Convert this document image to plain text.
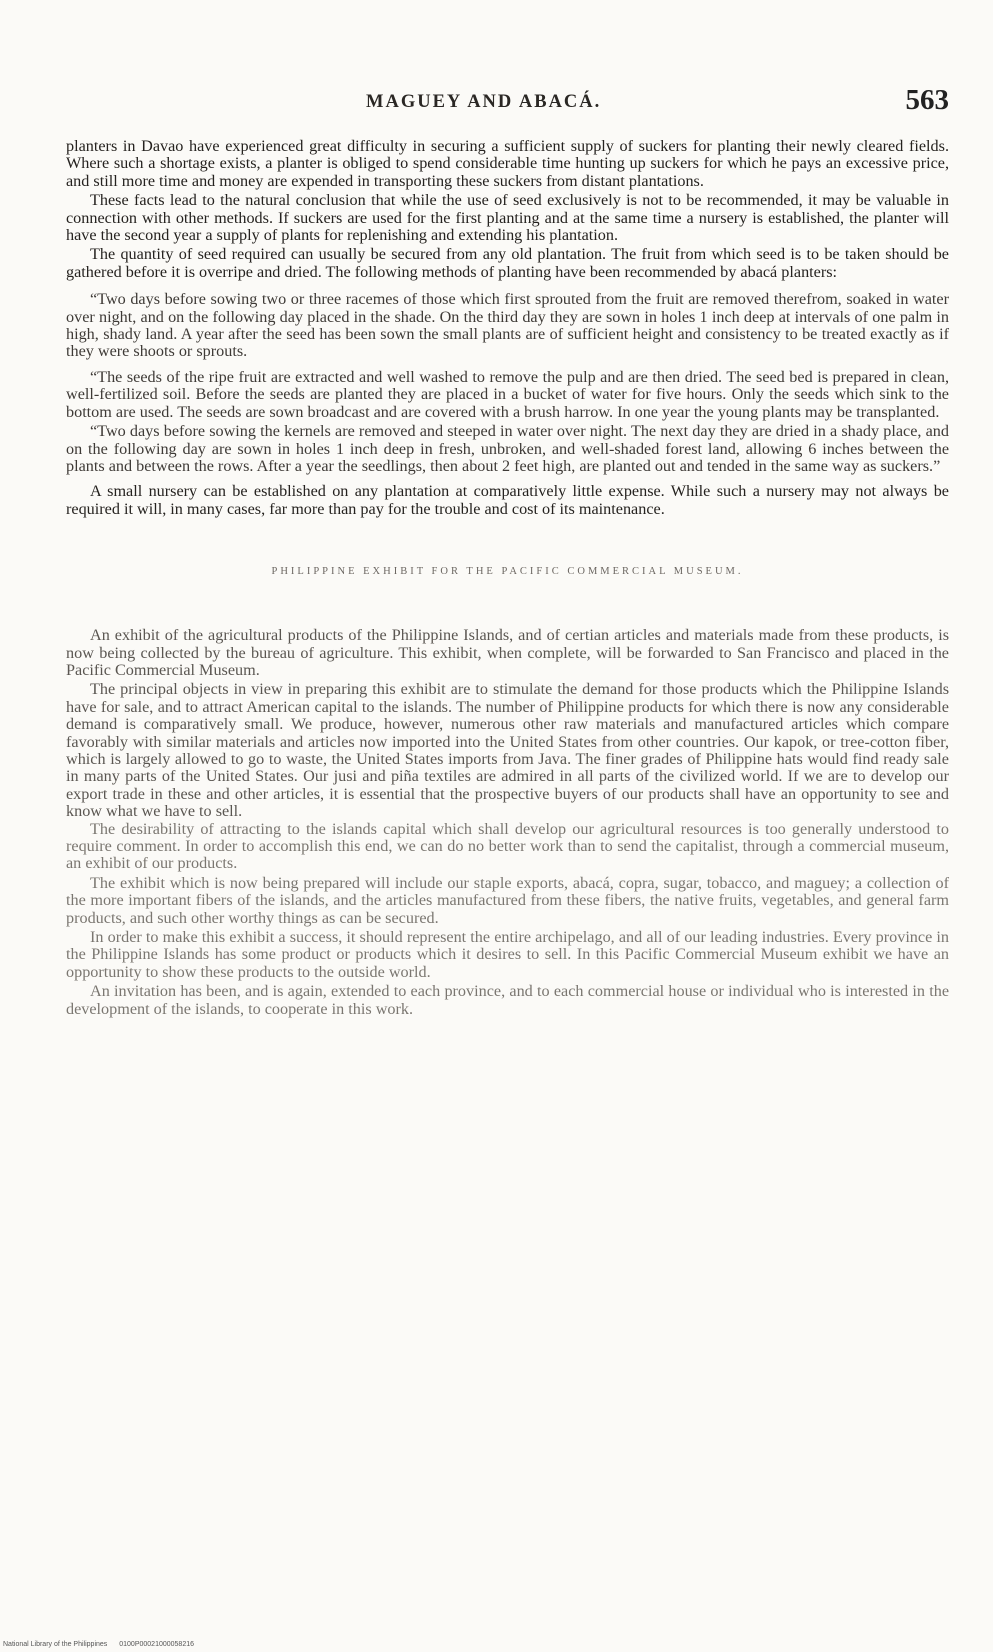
MAGUEY AND ABACÁ.	563

planters in Davao have experienced great difficulty in securing a sufficient supply of suckers for planting their newly cleared fields. Where such a shortage exists, a planter is obliged to spend considerable time hunting up suckers for which he pays an excessive price, and still more time and money are expended in transporting these suckers from distant plantations.

These facts lead to the natural conclusion that while the use of seed exclusively is not to be recommended, it may be valuable in connection with other methods. If suckers are used for the first planting and at the same time a nursery is established, the planter will have the second year a supply of plants for replenishing and extending his plantation.

The quantity of seed required can usually be secured from any old plantation. The fruit from which seed is to be taken should be gathered before it is overripe and dried. The following methods of planting have been recommended by abacá planters:

“Two days before sowing two or three racemes of those which first sprouted from the fruit are removed therefrom, soaked in water over night, and on the following day placed in the shade. On the third day they are sown in holes 1 inch deep at intervals of one palm in high, shady land. A year after the seed has been sown the small plants are of sufficient height and consistency to be treated exactly as if they were shoots or sprouts.

“The seeds of the ripe fruit are extracted and well washed to remove the pulp and are then dried. The seed bed is prepared in clean, well-fertilized soil. Before the seeds are planted they are placed in a bucket of water for five hours. Only the seeds which sink to the bottom are used. The seeds are sown broadcast and are covered with a brush harrow. In one year the young plants may be transplanted.

“Two days before sowing the kernels are removed and steeped in water over night. The next day they are dried in a shady place, and on the following day are sown in holes 1 inch deep in fresh, unbroken, and well-shaded forest land, allowing 6 inches between the plants and between the rows. After a year the seedlings, then about 2 feet high, are planted out and tended in the same way as suckers.”

A small nursery can be established on any plantation at comparatively little expense. While such a nursery may not always be required it will, in many cases, far more than pay for the trouble and cost of its maintenance.

PHILIPPINE EXHIBIT FOR THE PACIFIC COMMERCIAL MUSEUM.

An exhibit of the agricultural products of the Philippine Islands, and of certian articles and materials made from these products, is now being collected by the bureau of agriculture. This exhibit, when complete, will be forwarded to San Francisco and placed in the Pacific Commercial Museum.

The principal objects in view in preparing this exhibit are to stimulate the demand for those products which the Philippine Islands have for sale, and to attract American capital to the islands. The number of Philippine products for which there is now any considerable demand is comparatively small. We produce, however, numerous other raw materials and manufactured articles which compare favorably with similar materials and articles now imported into the United States from other countries. Our kapok, or tree-cotton fiber, which is largely allowed to go to waste, the United States imports from Java. The finer grades of Philippine hats would find ready sale in many parts of the United States. Our jusi and piña textiles are admired in all parts of the civilized world. If we are to develop our export trade in these and other articles, it is essential that the prospective buyers of our products shall have an opportunity to see and know what we have to sell.

The desirability of attracting to the islands capital which shall develop our agricultural resources is too generally understood to require comment. In order to accomplish this end, we can do no better work than to send the capitalist, through a commercial museum, an exhibit of our products.

The exhibit which is now being prepared will include our staple exports, abacá, copra, sugar, tobacco, and maguey; a collection of the more important fibers of the islands, and the articles manufactured from these fibers, the native fruits, vegetables, and general farm products, and such other worthy things as can be secured.

In order to make this exhibit a success, it should represent the entire archipelago, and all of our leading industries. Every province in the Philippine Islands has some product or products which it desires to sell. In this Pacific Commercial Museum exhibit we have an opportunity to show these products to the outside world.

An invitation has been, and is again, extended to each province, and to each commercial house or individual who is interested in the development of the islands, to cooperate in this work.

National Library of the Philippines 0100P00021000058216
